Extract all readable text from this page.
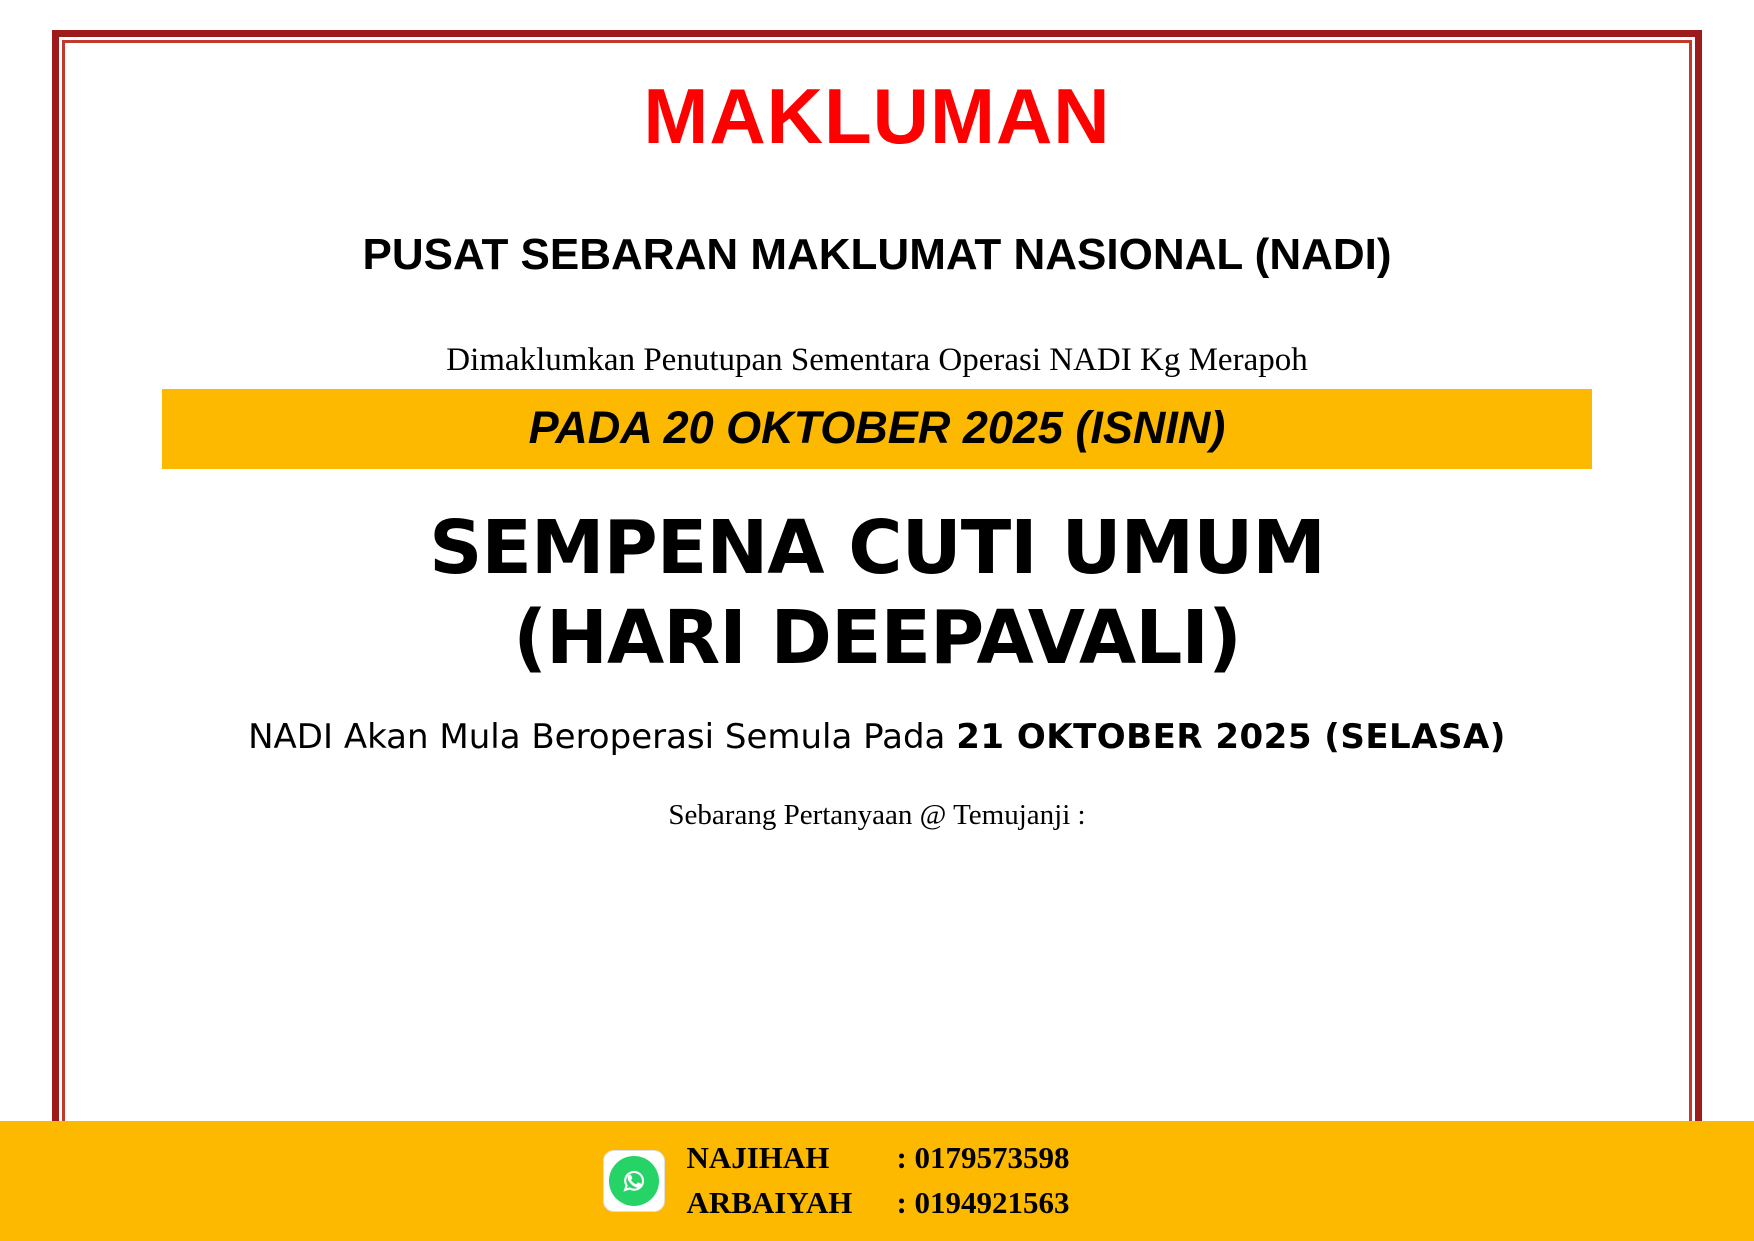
MAKLUMAN
PUSAT SEBARAN MAKLUMAT NASIONAL (NADI)
Dimaklumkan Penutupan Sementara Operasi NADI Kg Merapoh
PADA 20 OKTOBER 2025 (ISNIN)
SEMPENA CUTI UMUM
(HARI DEEPAVALI)
NADI Akan Mula Beroperasi Semula Pada 21 OKTOBER 2025 (SELASA)
Sebarang Pertanyaan @ Temujanji :
NAJIHAH	: 0179573598
ARBAIYAH	: 0194921563
